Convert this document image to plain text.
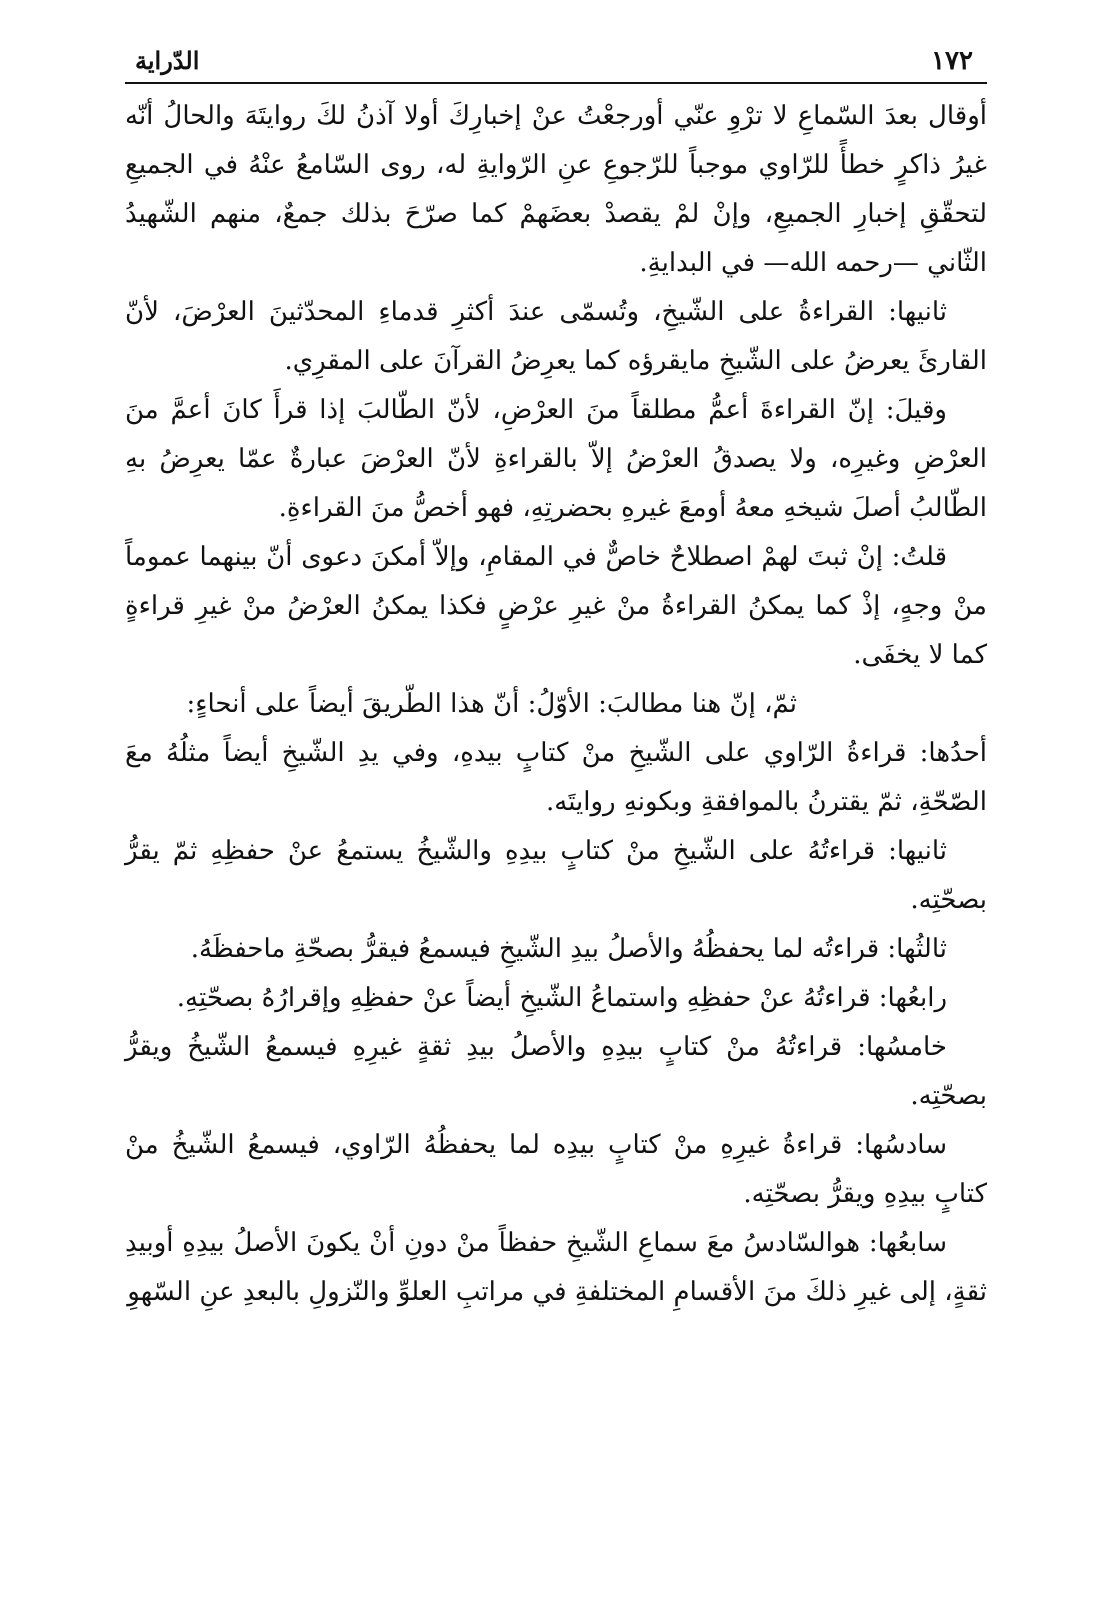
١٧٢
الدّراية

أوقال بعدَ السّماعِ لا ترْوِ عنّي أورجعْتُ عنْ إخبارِكَ أولا آذنُ لكَ روايتَهَ والحالُ أنّه غيرُ ذاكرٍ خطأً للرّاوي موجباً للرّجوعِ عنِ الرّوايةِ له، روى السّامعُ عنْهُ في الجميعِ لتحقّقِ إخبارِ الجميعِ، وإنْ لمْ يقصدْ بعضَهمْ كما صرّحَ بذلك جمعٌ، منهم الشّهيدُ الثّاني —رحمه الله— في البدايةِ.

ثانيها: القراءةُ على الشّيخِ، وتُسمّى عندَ أكثرِ قدماءِ المحدّثينَ العرْضَ، لأنّ القارئَ يعرضُ على الشّيخِ مايقرؤه كما يعرِضُ القرآنَ على المقرِي.

وقيلَ: إنّ القراءةَ أعمُّ مطلقاً منَ العرْضِ، لأنّ الطّالبَ إذا قرأَ كانَ أعمَّ منَ العرْضِ وغيرِه، ولا يصدقُ العرْضُ إلاّ بالقراءةِ لأنّ العرْضَ عبارةٌ عمّا يعرِضُ بهِ الطّالبُ أصلَ شيخهِ معهُ أومعَ غيرهِ بحضرتِهِ، فهو أخصُّ منَ القراءةِ.

قلتُ: إنْ ثبتَ لهمْ اصطلاحٌ خاصٌّ في المقامِ، وإلاّ أمكنَ دعوى أنّ بينهما عموماً منْ وجهٍ، إذْ كما يمكنُ القراءةُ منْ غيرِ عرْضٍ فكذا يمكنُ العرْضُ منْ غيرِ قراءةٍ كما لا يخفَى.

ثمّ، إنّ هنا مطالبَ: الأوّلُ: أنّ هذا الطّريقَ أيضاً على أنحاءٍ:

أحدُها: قراءةُ الرّاوي على الشّيخِ منْ كتابٍ بيدهِ، وفي يدِ الشّيخِ أيضاً مثلُهُ معَ الصّحّةِ، ثمّ يقترنُ بالموافقةِ وبكونهِ روايتَه.

ثانيها: قراءتُهُ على الشّيخِ منْ كتابٍ بيدِهِ والشّيخُ يستمعُ عنْ حفظِهِ ثمّ يقرُّ بصحّتِه.

ثالثُها: قراءتُه لما يحفظُهُ والأصلُ بيدِ الشّيخِ فيسمعُ فيقرُّ بصحّةِ ماحفظَهُ.

رابعُها: قراءتُهُ عنْ حفظِهِ واستماعُ الشّيخِ أيضاً عنْ حفظِهِ وإقرارُهُ بصحّتِهِ.

خامسُها: قراءتُهُ منْ كتابٍ بيدِهِ والأصلُ بيدِ ثقةٍ غيرِهِ فيسمعُ الشّيخُ ويقرُّ بصحّتِه.

سادسُها: قراءةُ غيرِهِ منْ كتابٍ بيدِه لما يحفظُهُ الرّاوي، فيسمعُ الشّيخُ منْ كتابٍ بيدِهِ ويقرُّ بصحّتِه.

سابعُها: هوالسّادسُ معَ سماعِ الشّيخِ حفظاً منْ دونِ أنْ يكونَ الأصلُ بيدِهِ أوبيدِ ثقةٍ، إلى غيرِ ذلكَ منَ الأقسامِ المختلفةِ في مراتبِ العلوِّ والنّزولِ بالبعدِ عنِ السّهوِ
